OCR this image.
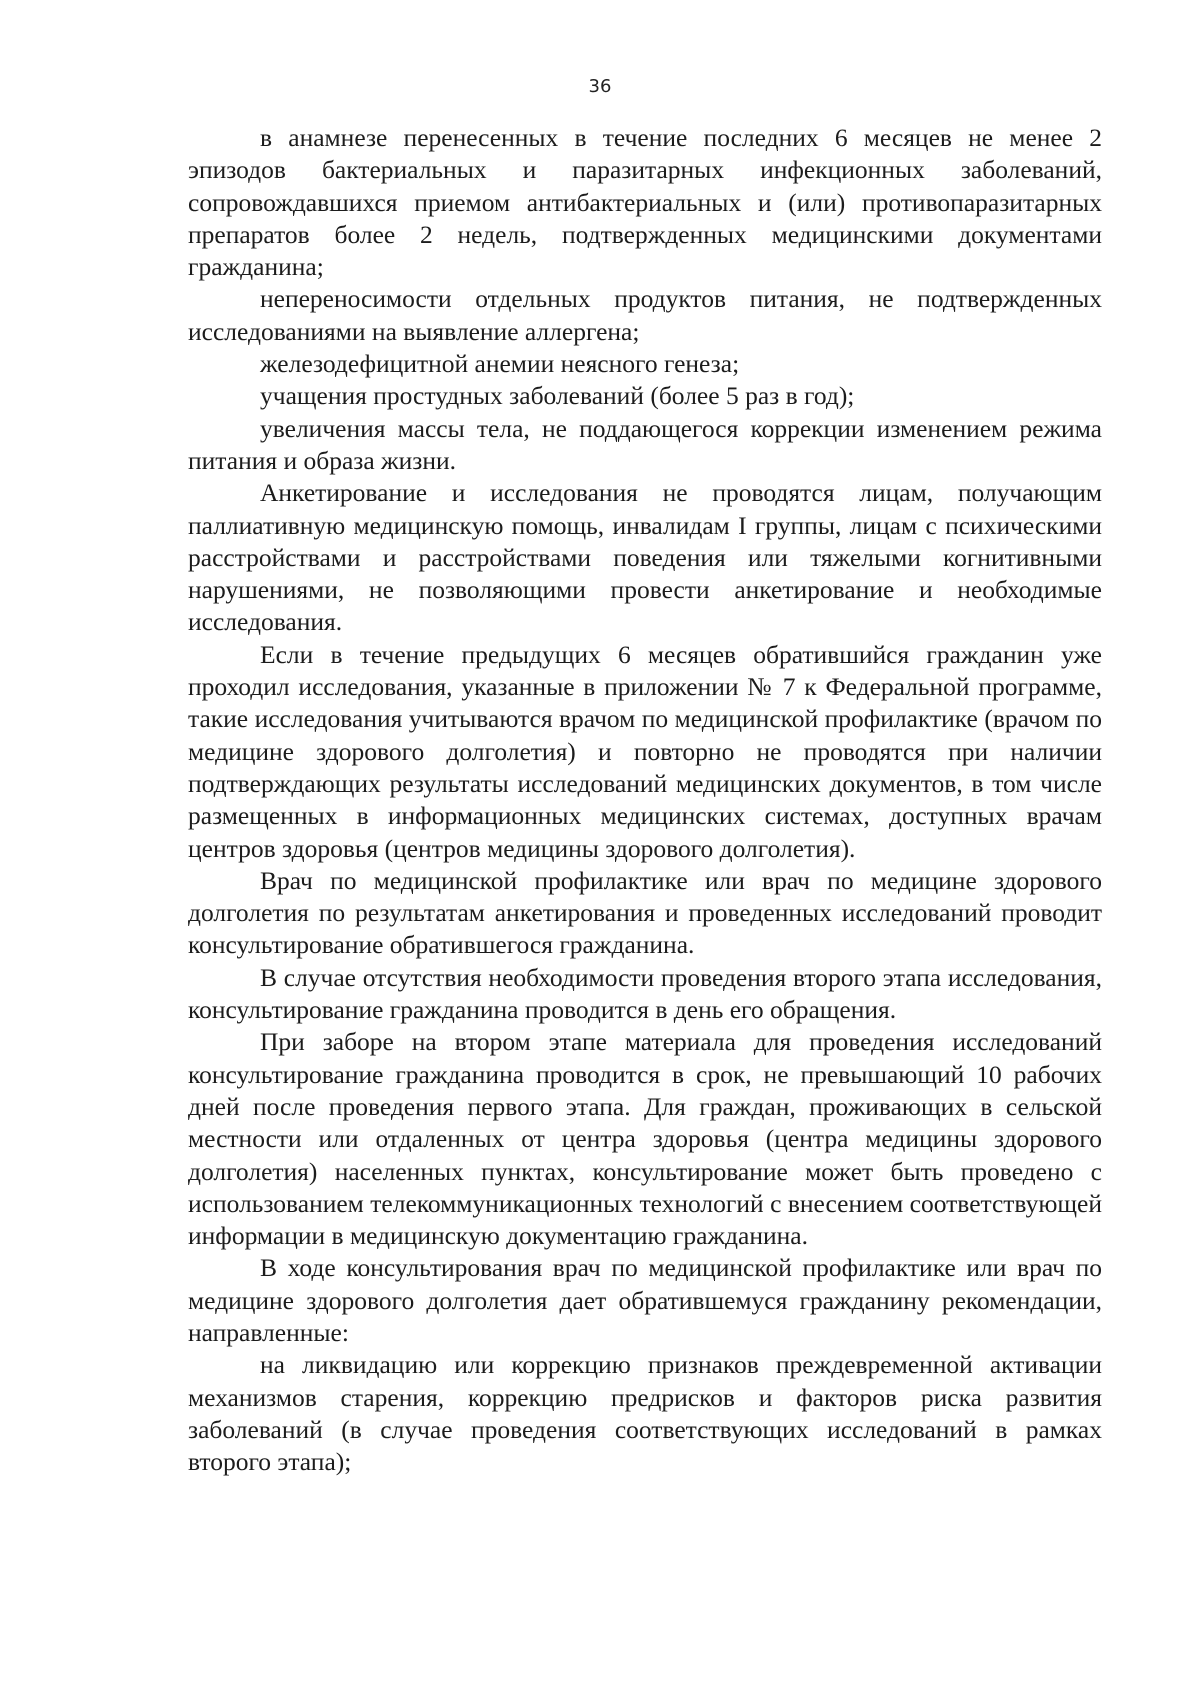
36

в анамнезе перенесенных в течение последних 6 месяцев не менее 2 эпизодов бактериальных и паразитарных инфекционных заболеваний, сопровождавшихся приемом антибактериальных и (или) противопаразитарных препаратов более 2 недель, подтвержденных медицинскими документами гражданина;

непереносимости отдельных продуктов питания, не подтвержденных исследованиями на выявление аллергена;

железодефицитной анемии неясного генеза;

учащения простудных заболеваний (более 5 раз в год);

увеличения массы тела, не поддающегося коррекции изменением режима питания и образа жизни.

Анкетирование и исследования не проводятся лицам, получающим паллиативную медицинскую помощь, инвалидам I группы, лицам с психическими расстройствами и расстройствами поведения или тяжелыми когнитивными нарушениями, не позволяющими провести анкетирование и необходимые исследования.

Если в течение предыдущих 6 месяцев обратившийся гражданин уже проходил исследования, указанные в приложении № 7 к Федеральной программе, такие исследования учитываются врачом по медицинской профилактике (врачом по медицине здорового долголетия) и повторно не проводятся при наличии подтверждающих результаты исследований медицинских документов, в том числе размещенных в информационных медицинских системах, доступных врачам центров здоровья (центров медицины здорового долголетия).

Врач по медицинской профилактике или врач по медицине здорового долголетия по результатам анкетирования и проведенных исследований проводит консультирование обратившегося гражданина.

В случае отсутствия необходимости проведения второго этапа исследования, консультирование гражданина проводится в день его обращения.

При заборе на втором этапе материала для проведения исследований консультирование гражданина проводится в срок, не превышающий 10 рабочих дней после проведения первого этапа. Для граждан, проживающих в сельской местности или отдаленных от центра здоровья (центра медицины здорового долголетия) населенных пунктах, консультирование может быть проведено с использованием телекоммуникационных технологий с внесением соответствующей информации в медицинскую документацию гражданина.

В ходе консультирования врач по медицинской профилактике или врач по медицине здорового долголетия дает обратившемуся гражданину рекомендации, направленные:

на ликвидацию или коррекцию признаков преждевременной активации механизмов старения, коррекцию предрисков и факторов риска развития заболеваний (в случае проведения соответствующих исследований в рамках второго этапа);
